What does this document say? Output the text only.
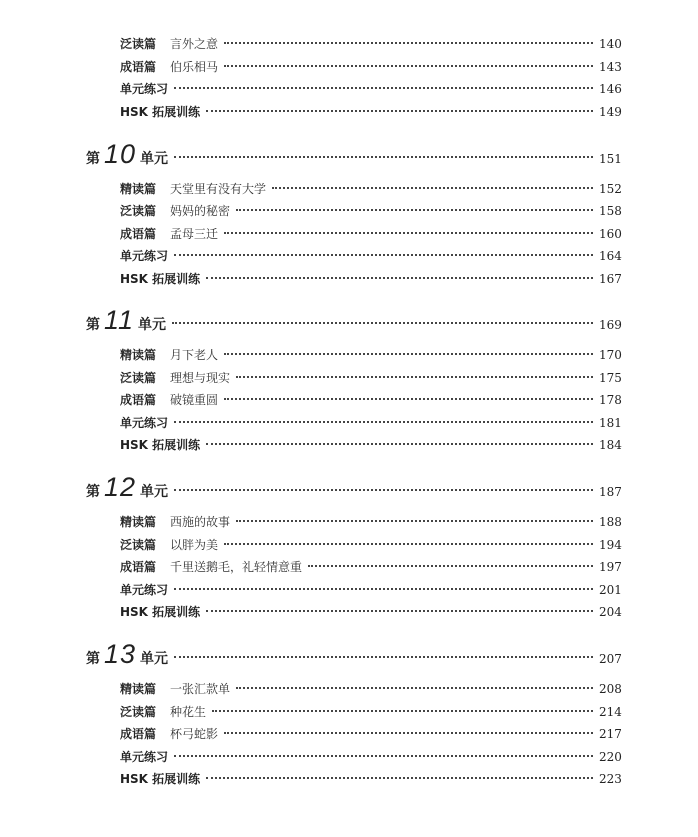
泛读篇 言外之意	140
成语篇 伯乐相马	143
单元练习	146
HSK 拓展训练	149
第 10 单元	151
精读篇 天堂里有没有大学	152
泛读篇 妈妈的秘密	158
成语篇 孟母三迁	160
单元练习	164
HSK 拓展训练	167
第 11 单元	169
精读篇 月下老人	170
泛读篇 理想与现实	175
成语篇 破镜重圆	178
单元练习	181
HSK 拓展训练	184
第 12 单元	187
精读篇 西施的故事	188
泛读篇 以胖为美	194
成语篇 千里送鹅毛，礼轻情意重	197
单元练习	201
HSK 拓展训练	204
第 13 单元	207
精读篇 一张汇款单	208
泛读篇 种花生	214
成语篇 杯弓蛇影	217
单元练习	220
HSK 拓展训练	223
